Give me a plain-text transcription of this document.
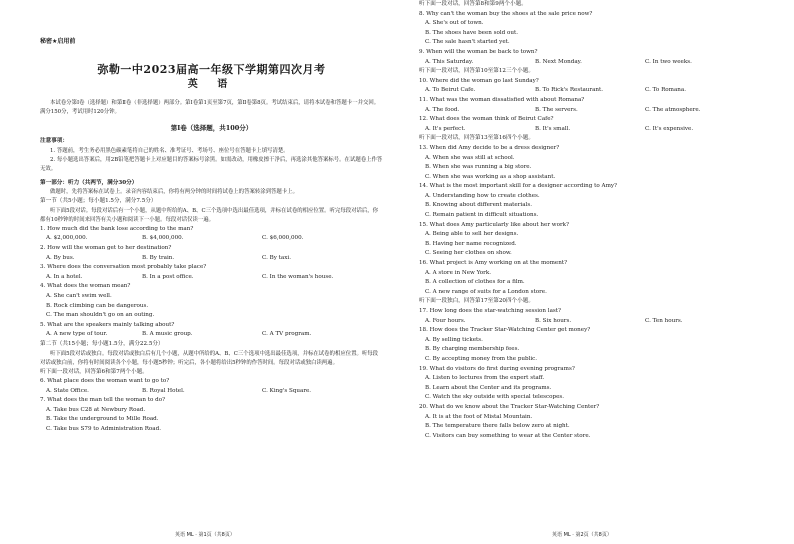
秘密★启用前
弥勒一中2023届高一年级下学期第四次月考
英 语
本试卷分第Ⅰ卷（选择题）和第Ⅱ卷（非选择题）两部分。第Ⅰ卷第1页至第7页，第Ⅱ卷第8页。考试结束后，请将本试卷和答题卡一并交回。满分150分，考试用时120分钟。
第Ⅰ卷（选择题，共100分）
注意事项：
1. 答题前，考生务必用黑色碳素笔将自己的姓名、准考证号、考场号、座位号在答题卡上填写清楚。
2. 每小题选出答案后，用2B铅笔把答题卡上对应题目的答案标号涂黑。如需改动，用橡皮擦干净后，再选涂其他答案标号。在试题卷上作答无效。
第一部分：听力（共两节，满分30分）
做题时，先将答案标在试卷上。录音内容结束后，你将有两分钟的时间将试卷上的答案转涂到答题卡上。
第一节（共5小题；每小题1.5分，满分7.5分）
听下面5段对话。每段对话后有一个小题，从题中所给的A、B、C三个选项中选出最佳选项，并标在试卷的相应位置。听完每段对话后，你都有10秒钟的时间来回答有关小题和阅读下一小题。每段对话仅读一遍。
1. How much did the bank lose according to the man?
A. $2,000,000.	B. $4,000,000.	C. $6,000,000.
2. How will the woman get to her destination?
A. By bus.	B. By train.	C. By taxi.
3. Where does the conversation most probably take place?
A. In a hotel.	B. In a post office.	C. In the woman's house.
4. What does the woman mean?
A. She can't swim well.
B. Rock climbing can be dangerous.
C. The man shouldn't go on an outing.
5. What are the speakers mainly talking about?
A. A new type of tour.	B. A music group.	C. A TV program.
第二节（共15小题；每小题1.5分，满分22.5分）
听下面5段对话或独白。每段对话或独白后有几个小题，从题中所给的A、B、C三个选项中选出最佳选项，并标在试卷的相应位置。听每段对话或独白前，你将有时间阅读各个小题，每小题5秒钟；听完后，各小题将给出5秒钟的作答时间。每段对话或独白读两遍。
听下面一段对话，回答第6和第7两个小题。
6. What place does the woman want to go to?
A. State Office.	B. Royal Hotel.	C. King's Square.
7. What does the man tell the woman to do?
A. Take bus C28 at Newbury Road.
B. Take the underground to Mille Road.
C. Take bus S79 to Administration Road.
英语 ML · 第1页（共8页）
听下面一段对话，回答第8和第9两个小题。
8. Why can't the woman buy the shoes at the sale price now?
A. She's out of town.
B. The shoes have been sold out.
C. The sale hasn't started yet.
9. When will the woman be back to town?
A. This Saturday.	B. Next Monday.	C. In two weeks.
听下面一段对话，回答第10至第12三个小题。
10. Where did the woman go last Sunday?
A. To Beirut Cafe.	B. To Rick's Restaurant.	C. To Romana.
11. What was the woman dissatisfied with about Romana?
A. The food.	B. The servers.	C. The atmosphere.
12. What does the woman think of Beirut Cafe?
A. It's perfect.	B. It's small.	C. It's expensive.
听下面一段对话，回答第13至第16四个小题。
13. When did Amy decide to be a dress designer?
A. When she was still at school.
B. When she was running a big store.
C. When she was working as a shop assistant.
14. What is the most important skill for a designer according to Amy?
A. Understanding how to create clothes.
B. Knowing about different materials.
C. Remain patient in difficult situations.
15. What does Amy particularly like about her work?
A. Being able to sell her designs.
B. Having her name recognized.
C. Seeing her clothes on show.
16. What project is Amy working on at the moment?
A. A store in New York.
B. A collection of clothes for a film.
C. A new range of suits for a London store.
听下面一段独白，回答第17至第20四个小题。
17. How long does the star-watching session last?
A. Four hours.	B. Six hours.	C. Ten hours.
18. How does the Tracker Star-Watching Center get money?
A. By selling tickets.
B. By charging membership fees.
C. By accepting money from the public.
19. What do visitors do first during evening programs?
A. Listen to lectures from the expert staff.
B. Learn about the Center and its programs.
C. Watch the sky outside with special telescopes.
20. What do we know about the Tracker Star-Watching Center?
A. It is at the foot of Mistal Mountain.
B. The temperature there falls below zero at night.
C. Visitors can buy something to wear at the Center store.
英语 ML · 第2页（共8页）
